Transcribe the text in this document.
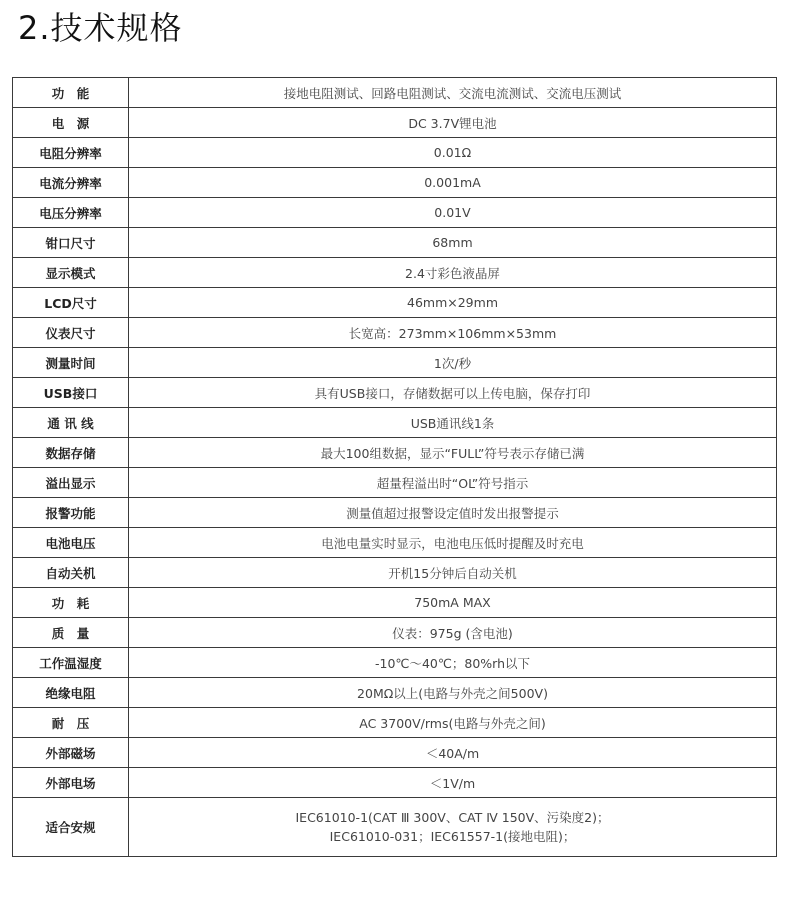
2.技术规格
功　能	接地电阻测试、回路电阻测试、交流电流测试、交流电压测试
电　源	DC 3.7V锂电池
电阻分辨率	0.01Ω
电流分辨率	0.001mA
电压分辨率	0.01V
钳口尺寸	68mm
显示模式	2.4寸彩色液晶屏
LCD尺寸	46mm×29mm
仪表尺寸	长宽高：273mm×106mm×53mm
测量时间	1次/秒
USB接口	具有USB接口，存储数据可以上传电脑，保存打印
通 讯 线	USB通讯线1条
数据存储	最大100组数据，显示“FULL”符号表示存储已满
溢出显示	超量程溢出时“OL”符号指示
报警功能	测量值超过报警设定值时发出报警提示
电池电压	电池电量实时显示，电池电压低时提醒及时充电
自动关机	开机15分钟后自动关机
功　耗	750mA MAX
质　量	仪表：975g (含电池)
工作温湿度	-10℃～40℃；80%rh以下
绝缘电阻	20MΩ以上(电路与外壳之间500V)
耐　压	AC 3700V/rms(电路与外壳之间)
外部磁场	＜40A/m
外部电场	＜1V/m
适合安规	IEC61010-1(CAT Ⅲ 300V、CAT Ⅳ 150V、污染度2)；
IEC61010-031；IEC61557-1(接地电阻)；
